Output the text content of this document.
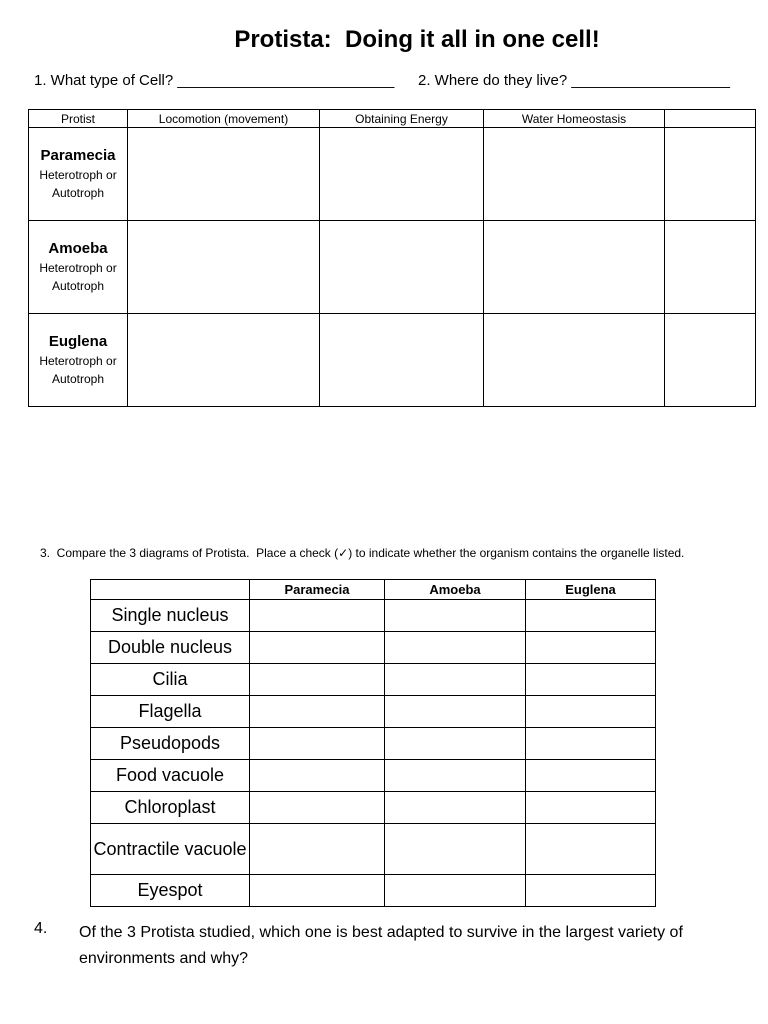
Protista:  Doing it all in one cell!
1. What type of Cell? __________________________ 2. Where do they live? ___________________
Protist	Locomotion (movement)	Obtaining Energy	Water Homeostasis	

Paramecia
Heterotroph or Autotroph				

Amoeba
Heterotroph or Autotroph				

Euglena
Heterotroph or Autotroph				

3.  Compare the 3 diagrams of Protista.  Place a check (✓) to indicate whether the organism contains the organelle listed.
	Paramecia	Amoeba	Euglena
Single nucleus			
Double nucleus			
Cilia			
Flagella			
Pseudopods			
Food vacuole			
Chloroplast			
Contractile vacuole			
Eyespot			
4. Of the 3 Protista studied, which one is best adapted to survive in the largest variety of environments and why?
